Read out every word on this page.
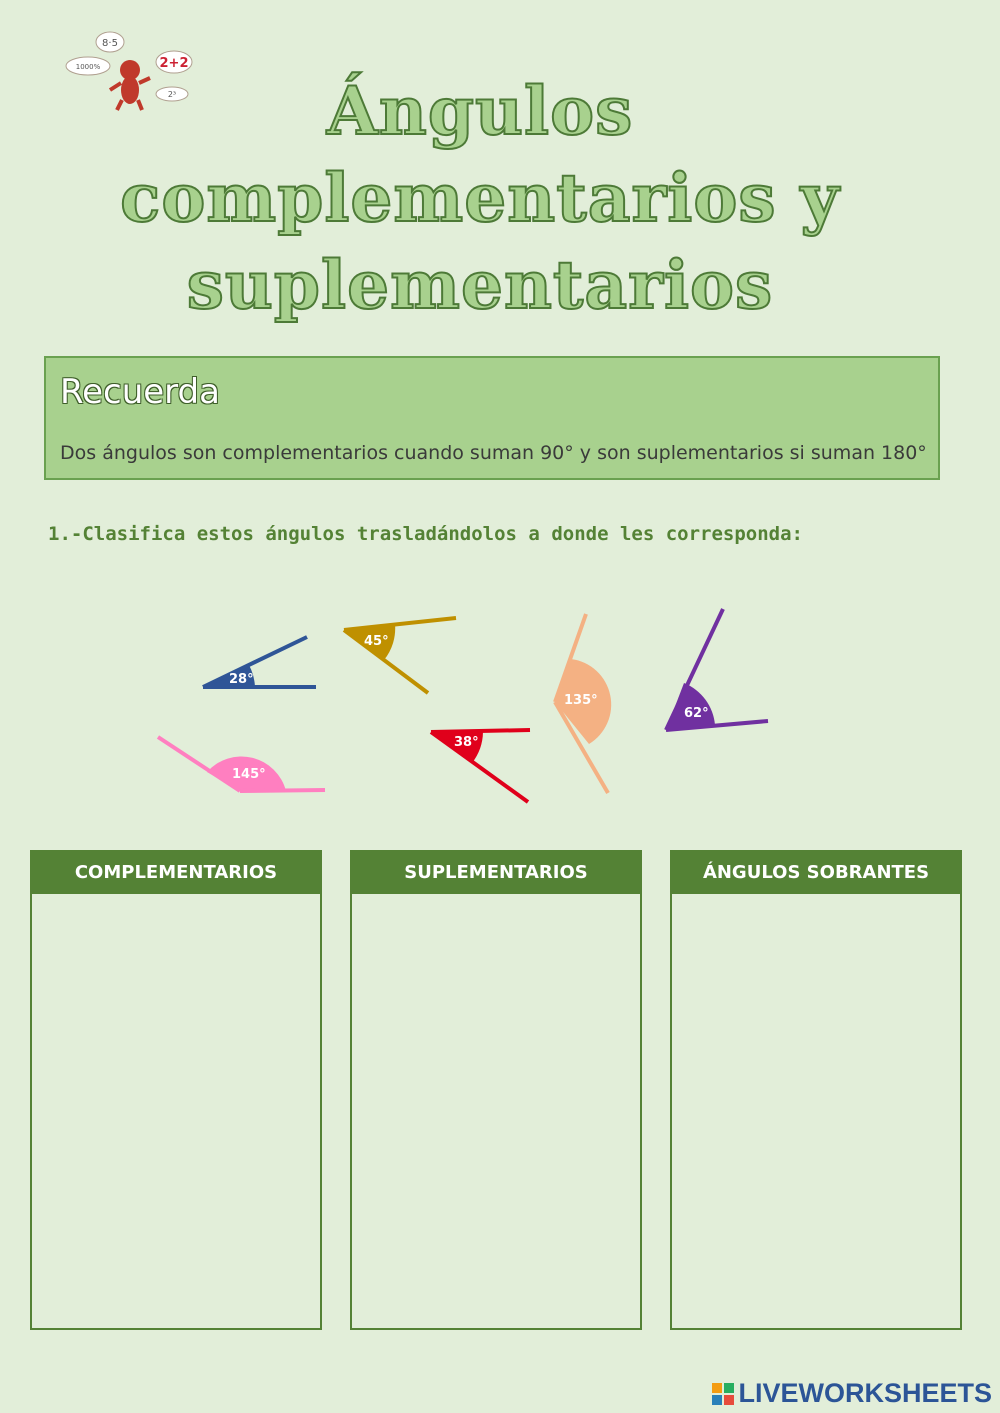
8·5
2+2
1000%
2³	Ángulos
complementarios y
suplementarios
Recuerda
Dos ángulos son complementarios cuando suman 90° y son suplementarios si suman 180°
1.-Clasifica estos ángulos trasladándolos a donde les corresponda:
28°
45°
135°
62°
145°
38°
COMPLEMENTARIOS	SUPLEMENTARIOS	ÁNGULOS SOBRANTES
LIVEWORKSHEETS
